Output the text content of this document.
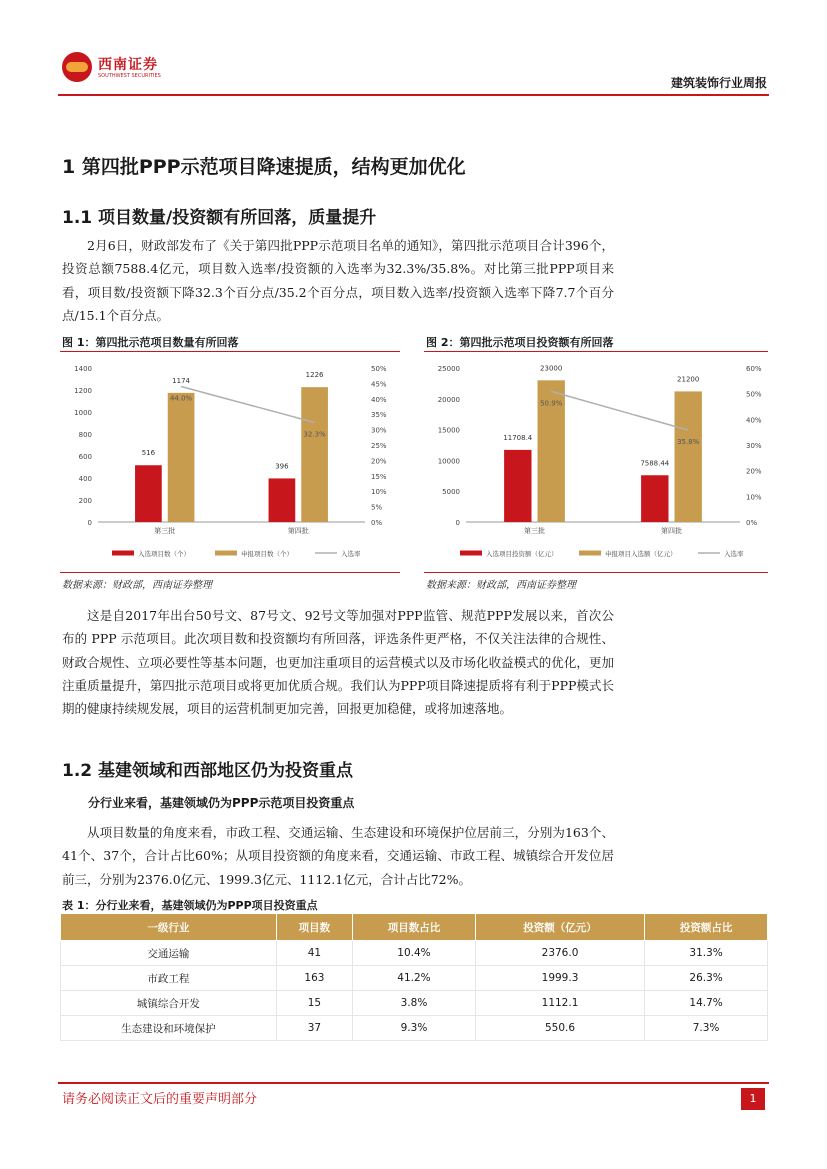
西南证券
SOUTHWEST SECURITIES	建筑装饰行业周报
1 第四批PPP示范项目降速提质，结构更加优化
1.1 项目数量/投资额有所回落，质量提升
2月6日，财政部发布了《关于第四批PPP示范项目名单的通知》，第四批示范项目合计396个，投资总额7588.4亿元，项目数入选率/投资额的入选率为32.3%/35.8%。对比第三批PPP项目来看，项目数/投资额下降32.3个百分点/35.2个百分点，项目数入选率/投资额入选率下降7.7个百分点/15.1个百分点。
图 1：第四批示范项目数量有所回落	图 2：第四批示范项目投资额有所回落
0
200
400
600
800
1000
1200
1400
0%
5%
10%
15%
20%
25%
30%
35%
40%
45%
50%
第三批
516
1174
第四批
396
1226
44.0%
32.3%
入选项目数（个）	申报项目数（个）	入选率
0
5000
10000
15000
20000
25000
0%
10%
20%
30%
40%
50%
60%
第三批
11708.4
23000
第四批
7588.44
21200
50.9%
35.8%
入选项目投资额（亿元）	申报项目入选额（亿元）	入选率
数据来源：财政部，西南证券整理	数据来源：财政部，西南证券整理
这是自2017年出台50号文、87号文、92号文等加强对PPP监管、规范PPP发展以来，首次公布的 PPP 示范项目。此次项目数和投资额均有所回落，评选条件更严格，不仅关注法律的合规性、财政合规性、立项必要性等基本问题，也更加注重项目的运营模式以及市场化收益模式的优化，更加注重质量提升，第四批示范项目或将更加优质合规。我们认为PPP项目降速提质将有利于PPP模式长期的健康持续规发展，项目的运营机制更加完善，回报更加稳健，或将加速落地。
1.2 基建领域和西部地区仍为投资重点
分行业来看，基建领域仍为PPP示范项目投资重点
从项目数量的角度来看，市政工程、交通运输、生态建设和环境保护位居前三，分别为163个、41个、37个，合计占比60%；从项目投资额的角度来看，交通运输、市政工程、城镇综合开发位居前三，分别为2376.0亿元、1999.3亿元、1112.1亿元，合计占比72%。
表 1：分行业来看，基建领域仍为PPP项目投资重点
一级行业	项目数	项目数占比	投资额（亿元）	投资额占比
交通运输	41	10.4%	2376.0	31.3%
市政工程	163	41.2%	1999.3	26.3%
城镇综合开发	15	3.8%	1112.1	14.7%
生态建设和环境保护	37	9.3%	550.6	7.3%
请务必阅读正文后的重要声明部分	1
